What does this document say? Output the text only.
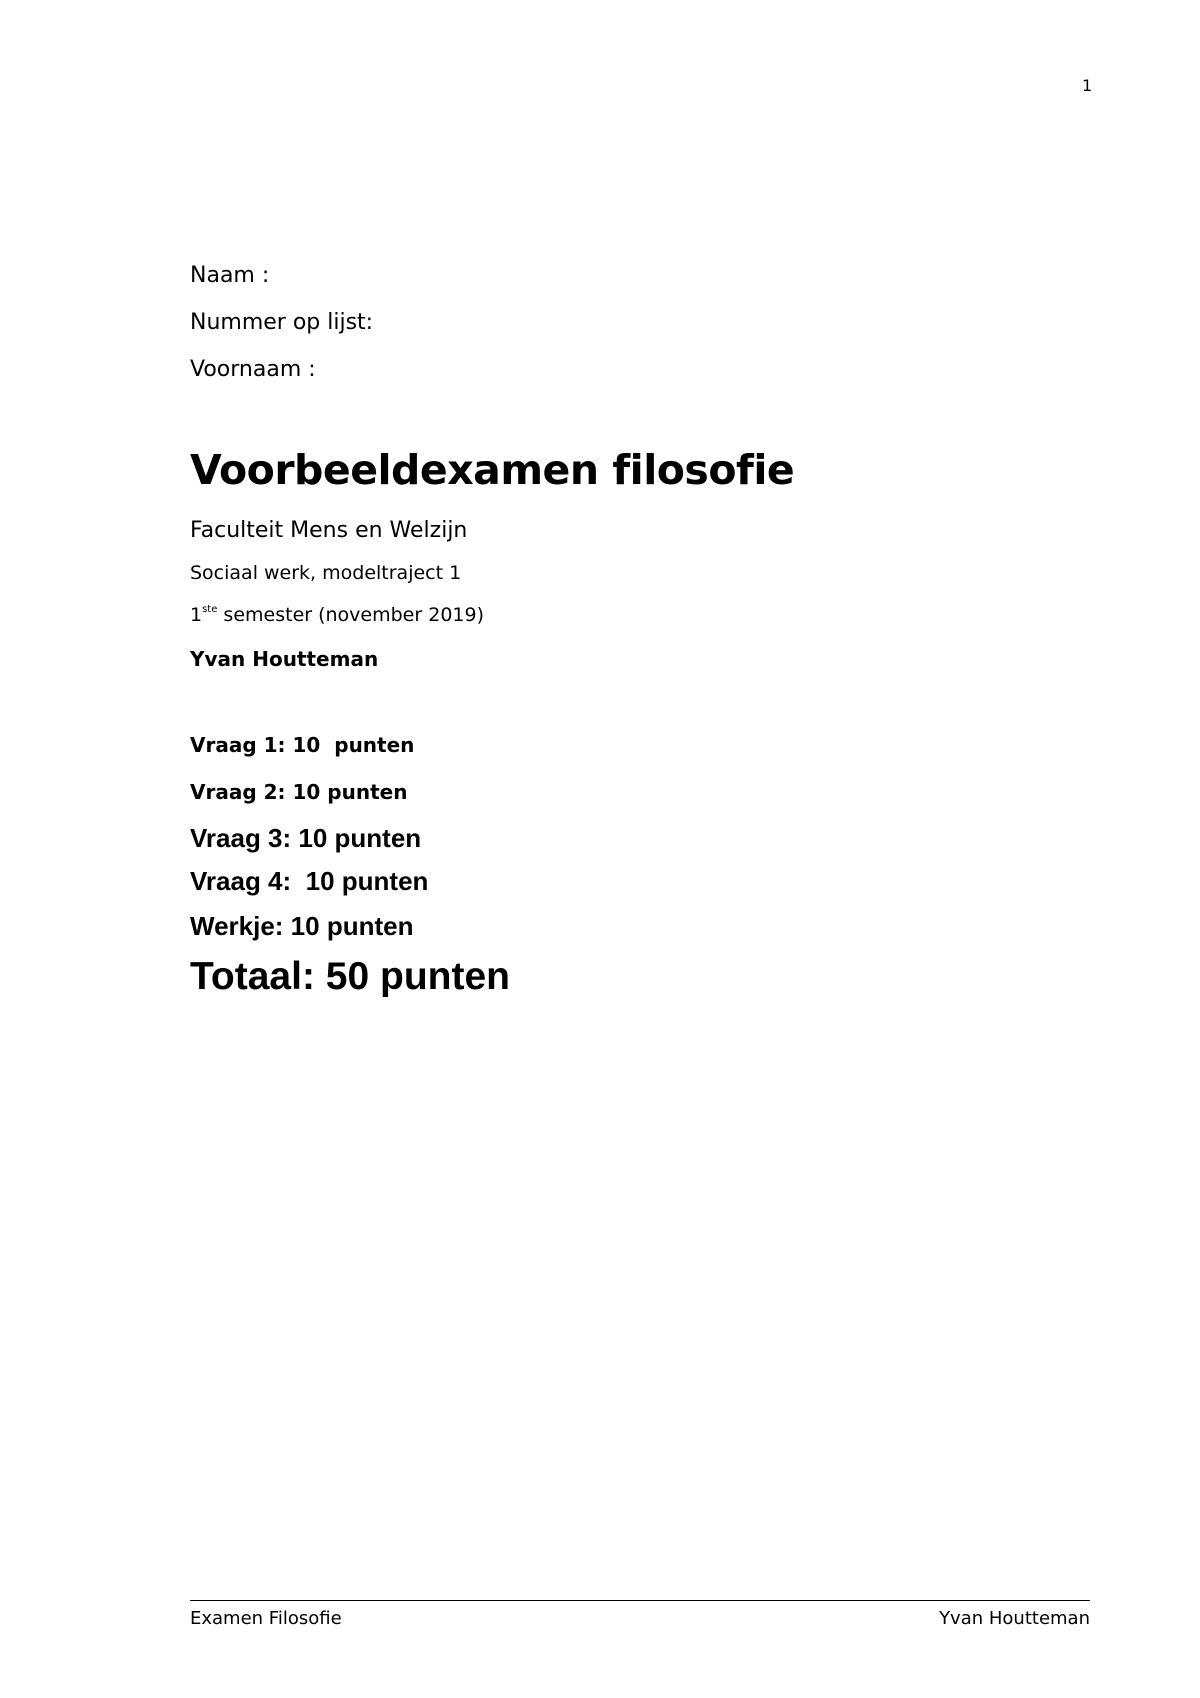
1
Naam :
Nummer op lijst:
Voornaam :
Voorbeeldexamen filosofie
Faculteit Mens en Welzijn
Sociaal werk, modeltraject 1
1ste semester (november 2019)
Yvan Houtteman
Vraag 1: 10  punten
Vraag 2: 10 punten
Vraag 3: 10 punten
Vraag 4:  10 punten
Werkje: 10 punten
Totaal: 50 punten
Examen Filosofie	Yvan Houtteman
